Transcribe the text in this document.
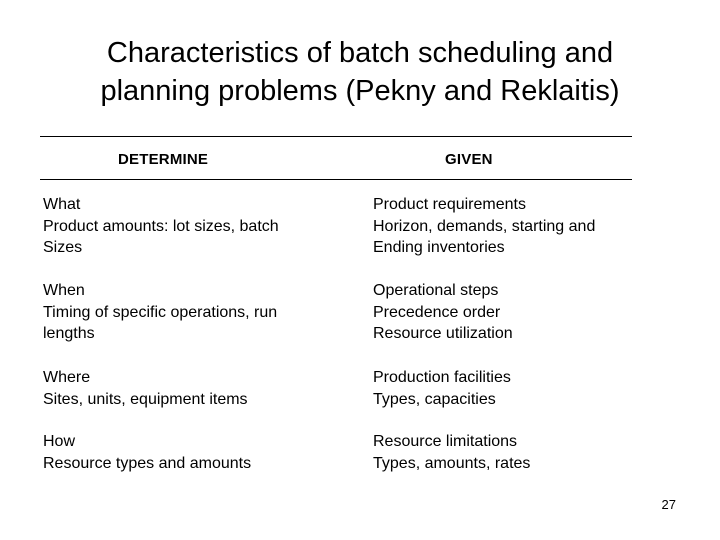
Characteristics of batch scheduling and
planning problems (Pekny and Reklaitis)
DETERMINE	GIVEN
What
Product amounts: lot sizes, batch
Sizes
Product requirements
Horizon, demands, starting and
Ending inventories
When
Timing of specific operations, run
lengths
Operational steps
Precedence order
Resource utilization
Where
Sites, units, equipment items
Production facilities
Types, capacities
How
Resource types and amounts
Resource limitations
Types, amounts, rates
27
